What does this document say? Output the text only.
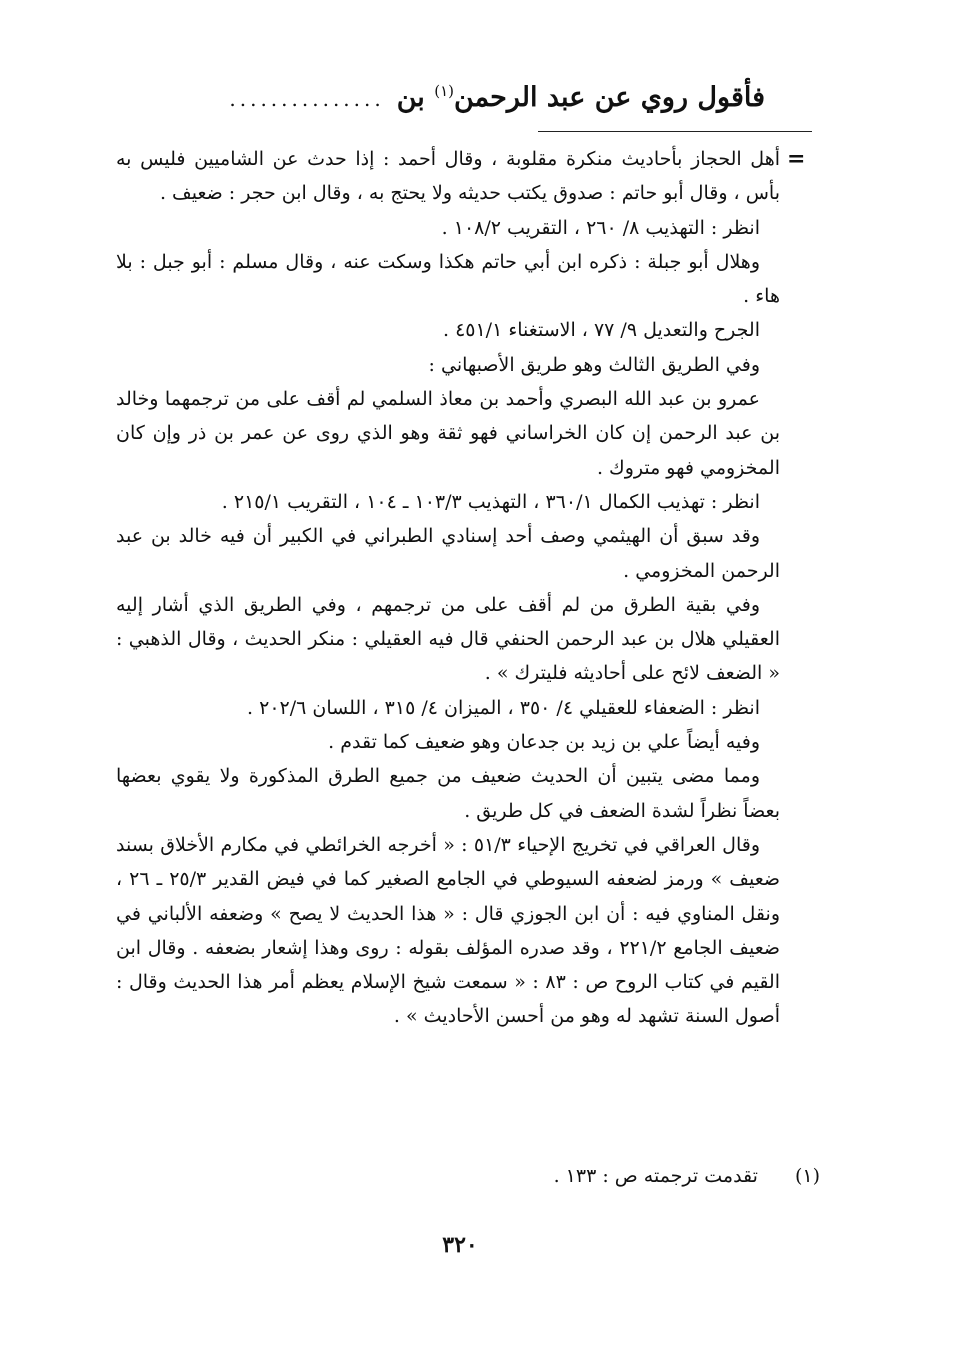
فأقول روي عن عبد الرحمن$^{(١)}$ بن
...............
=

أهل الحجاز بأحاديث منكرة مقلوبة ، وقال أحمد : إذا حدث عن الشاميين فليس به بأس ، وقال أبو حاتم : صدوق يكتب حديثه ولا يحتج به ، وقال ابن حجر : ضعيف .

انظر : التهذيب ٨/ ٢٦٠ ، التقريب ١٠٨/٢ .

وهلال أبو جبلة : ذكره ابن أبي حاتم هكذا وسكت عنه ، وقال مسلم : أبو جبل : بلا هاء .

الجرح والتعديل ٩/ ٧٧ ، الاستغناء ٤٥١/١ .

وفي الطريق الثالث وهو طريق الأصبهاني :

عمرو بن عبد الله البصري وأحمد بن معاذ السلمي لم أقف على من ترجمهما وخالد بن عبد الرحمن إن كان الخراساني فهو ثقة وهو الذي روى عن عمر بن ذر وإن كان المخزومي فهو متروك .

انظر : تهذيب الكمال ٣٦٠/١ ، التهذيب ١٠٣/٣ ـ ١٠٤ ، التقريب ٢١٥/١ .

وقد سبق أن الهيثمي وصف أحد إسنادي الطبراني في الكبير أن فيه خالد بن عبد الرحمن المخزومي .

وفي بقية الطرق من لم أقف على من ترجمهم ، وفي الطريق الذي أشار إليه العقيلي هلال بن عبد الرحمن الحنفي قال فيه العقيلي : منكر الحديث ، وقال الذهبي : « الضعف لائح على أحاديثه فليترك » .

انظر : الضعفاء للعقيلي ٤/ ٣٥٠ ، الميزان ٤/ ٣١٥ ، اللسان ٢٠٢/٦ .

وفيه أيضاً علي بن زيد بن جدعان وهو ضعيف كما تقدم .

ومما مضى يتبين أن الحديث ضعيف من جميع الطرق المذكورة ولا يقوي بعضها بعضاً نظراً لشدة الضعف في كل طريق .

وقال العراقي في تخريج الإحياء ٥١/٣ : « أخرجه الخرائطي في مكارم الأخلاق بسند ضعيف » ورمز لضعفه السيوطي في الجامع الصغير كما في فيض القدير ٢٥/٣ ـ ٢٦ ، ونقل المناوي فيه : أن ابن الجوزي قال : « هذا الحديث لا يصح » وضعفه الألباني في ضعيف الجامع ٢٢١/٢ ، وقد صدره المؤلف بقوله : روى وهذا إشعار بضعفه . وقال ابن القيم في كتاب الروح ص : ٨٣ : « سمعت شيخ الإسلام يعظم أمر هذا الحديث وقال : أصول السنة تشهد له وهو من أحسن الأحاديث » .

(١) تقدمت ترجمته ص : ١٣٣ .
٣٢٠
